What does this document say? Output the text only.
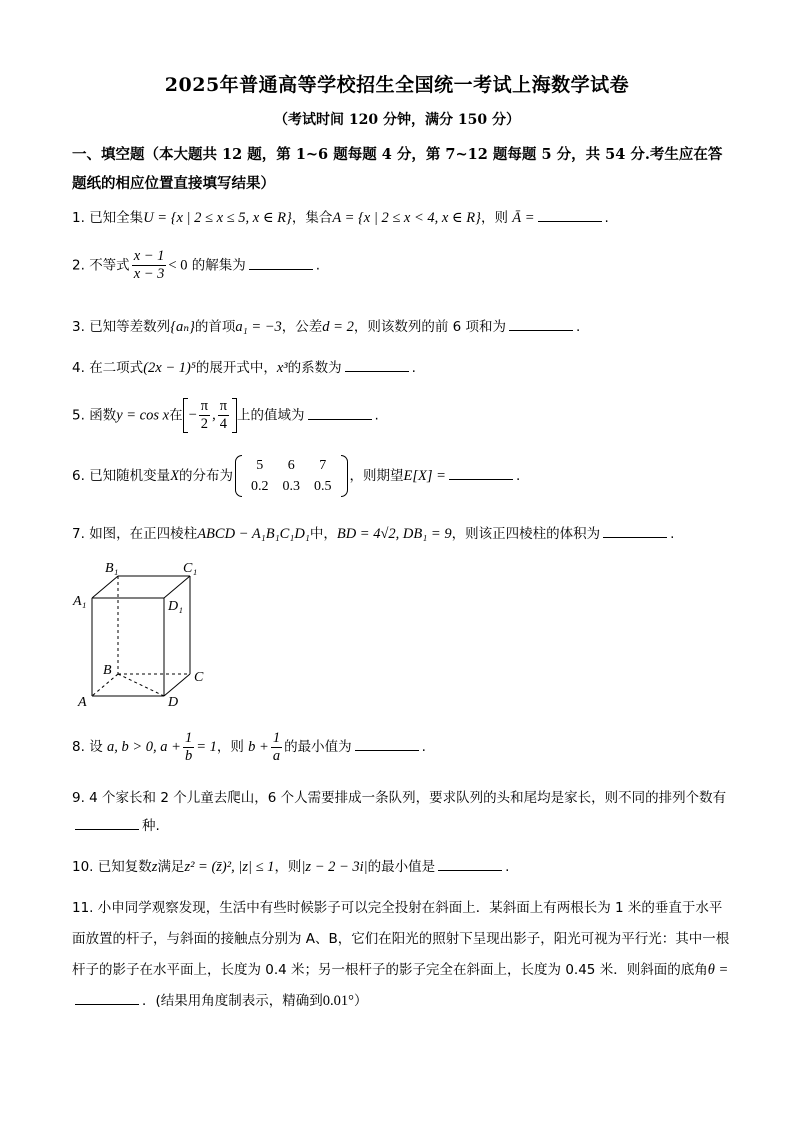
2025年普通高等学校招生全国统一考试上海数学试卷
（考试时间 120 分钟，满分 150 分）
一、填空题（本大题共 12 题，第 1~6 题每题 4 分，第 7~12 题每题 5 分，共 54 分.考生应在答题纸的相应位置直接填写结果）
1. 已知全集U = {x | 2 ≤ x ≤ 5, x ∈ R}，集合A = {x | 2 ≤ x < 4, x ∈ R}，则 Ā =	.
2. 不等式 $\frac{x - 1}{x - 3} < 0$ 的解集为	.
3. 已知等差数列{aₙ}的首项a₁ = −3，公差d = 2，则该数列的前 6 项和为	.
4. 在二项式(2x − 1)⁵的展开式中，x³的系数为	.
5. 函数y = cos x在 − $\frac{\pi}{2}$ , $\frac{\pi}{4}$ 上的值域为	.
6. 已知随机变量X的分布为
5	6	7
0.2	0.3	0.5
，则期望E[X] =	.
7. 如图，在正四棱柱ABCD − A₁B₁C₁D₁中，BD = 4√2, DB₁ = 9，则该正四棱柱的体积为	.
B₁	C₁
A₁	D₁
B	C
A	D
8. 设 a, b > 0, $a + \frac{1}{b} = 1$，则 $b + \frac{1}{a}$ 的最小值为	.
9. 4 个家长和 2 个儿童去爬山，6 个人需要排成一条队列，要求队列的头和尾均是家长，则不同的排列个数有种.
10. 已知复数z满足z² = (z̄)², |z| ≤ 1，则|z − 2 − 3i|的最小值是	.
11. 小申同学观察发现，生活中有些时候影子可以完全投射在斜面上．某斜面上有两根长为 1 米的垂直于水平面放置的杆子，与斜面的接触点分别为 A、B，它们在阳光的照射下呈现出影子，阳光可视为平行光：其中一根杆子的影子在水平面上，长度为 0.4 米；另一根杆子的影子完全在斜面上，长度为 0.45 米．则斜面的底角θ =．(结果用角度制表示，精确到0.01°）
